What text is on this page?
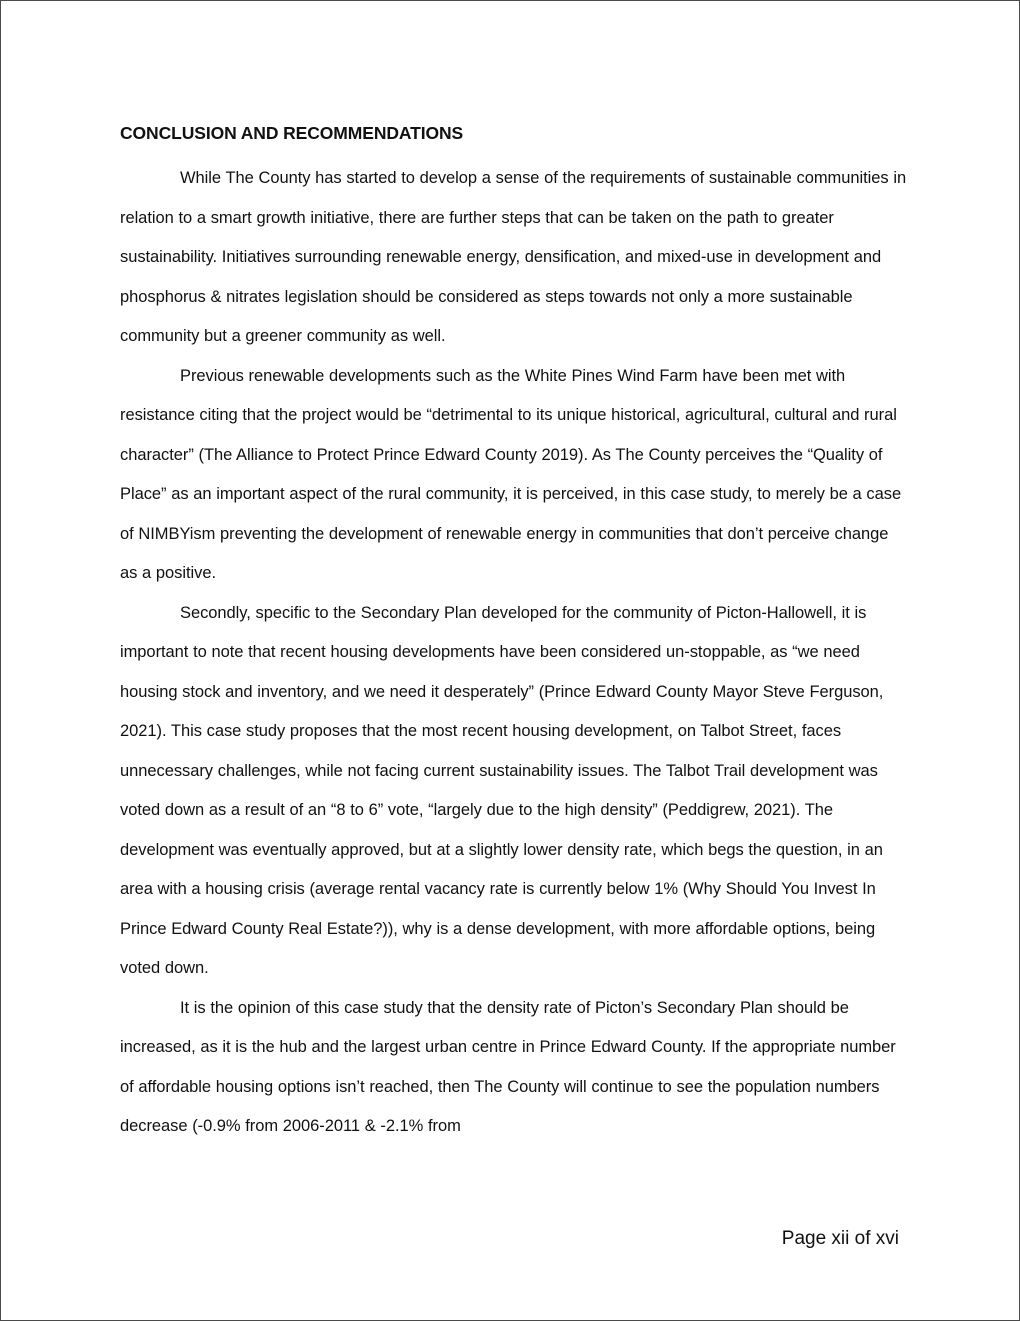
CONCLUSION AND RECOMMENDATIONS

While The County has started to develop a sense of the requirements of sustainable communities in relation to a smart growth initiative, there are further steps that can be taken on the path to greater sustainability. Initiatives surrounding renewable energy, densification, and mixed-use in development and phosphorus & nitrates legislation should be considered as steps towards not only a more sustainable community but a greener community as well.

Previous renewable developments such as the White Pines Wind Farm have been met with resistance citing that the project would be “detrimental to its unique historical, agricultural, cultural and rural character” (The Alliance to Protect Prince Edward County 2019). As The County perceives the “Quality of Place” as an important aspect of the rural community, it is perceived, in this case study, to merely be a case of NIMBYism preventing the development of renewable energy in communities that don’t perceive change as a positive.

Secondly, specific to the Secondary Plan developed for the community of Picton-Hallowell, it is important to note that recent housing developments have been considered un-stoppable, as “we need housing stock and inventory, and we need it desperately” (Prince Edward County Mayor Steve Ferguson, 2021). This case study proposes that the most recent housing development, on Talbot Street, faces unnecessary challenges, while not facing current sustainability issues. The Talbot Trail development was voted down as a result of an “8 to 6” vote, “largely due to the high density” (Peddigrew, 2021). The development was eventually approved, but at a slightly lower density rate, which begs the question, in an area with a housing crisis (average rental vacancy rate is currently below 1% (Why Should You Invest In Prince Edward County Real Estate?)), why is a dense development, with more affordable options, being voted down.

It is the opinion of this case study that the density rate of Picton’s Secondary Plan should be increased, as it is the hub and the largest urban centre in Prince Edward County. If the appropriate number of affordable housing options isn’t reached, then The County will continue to see the population numbers decrease (-0.9% from 2006-2011 & -2.1% from

Page xii of xvi
